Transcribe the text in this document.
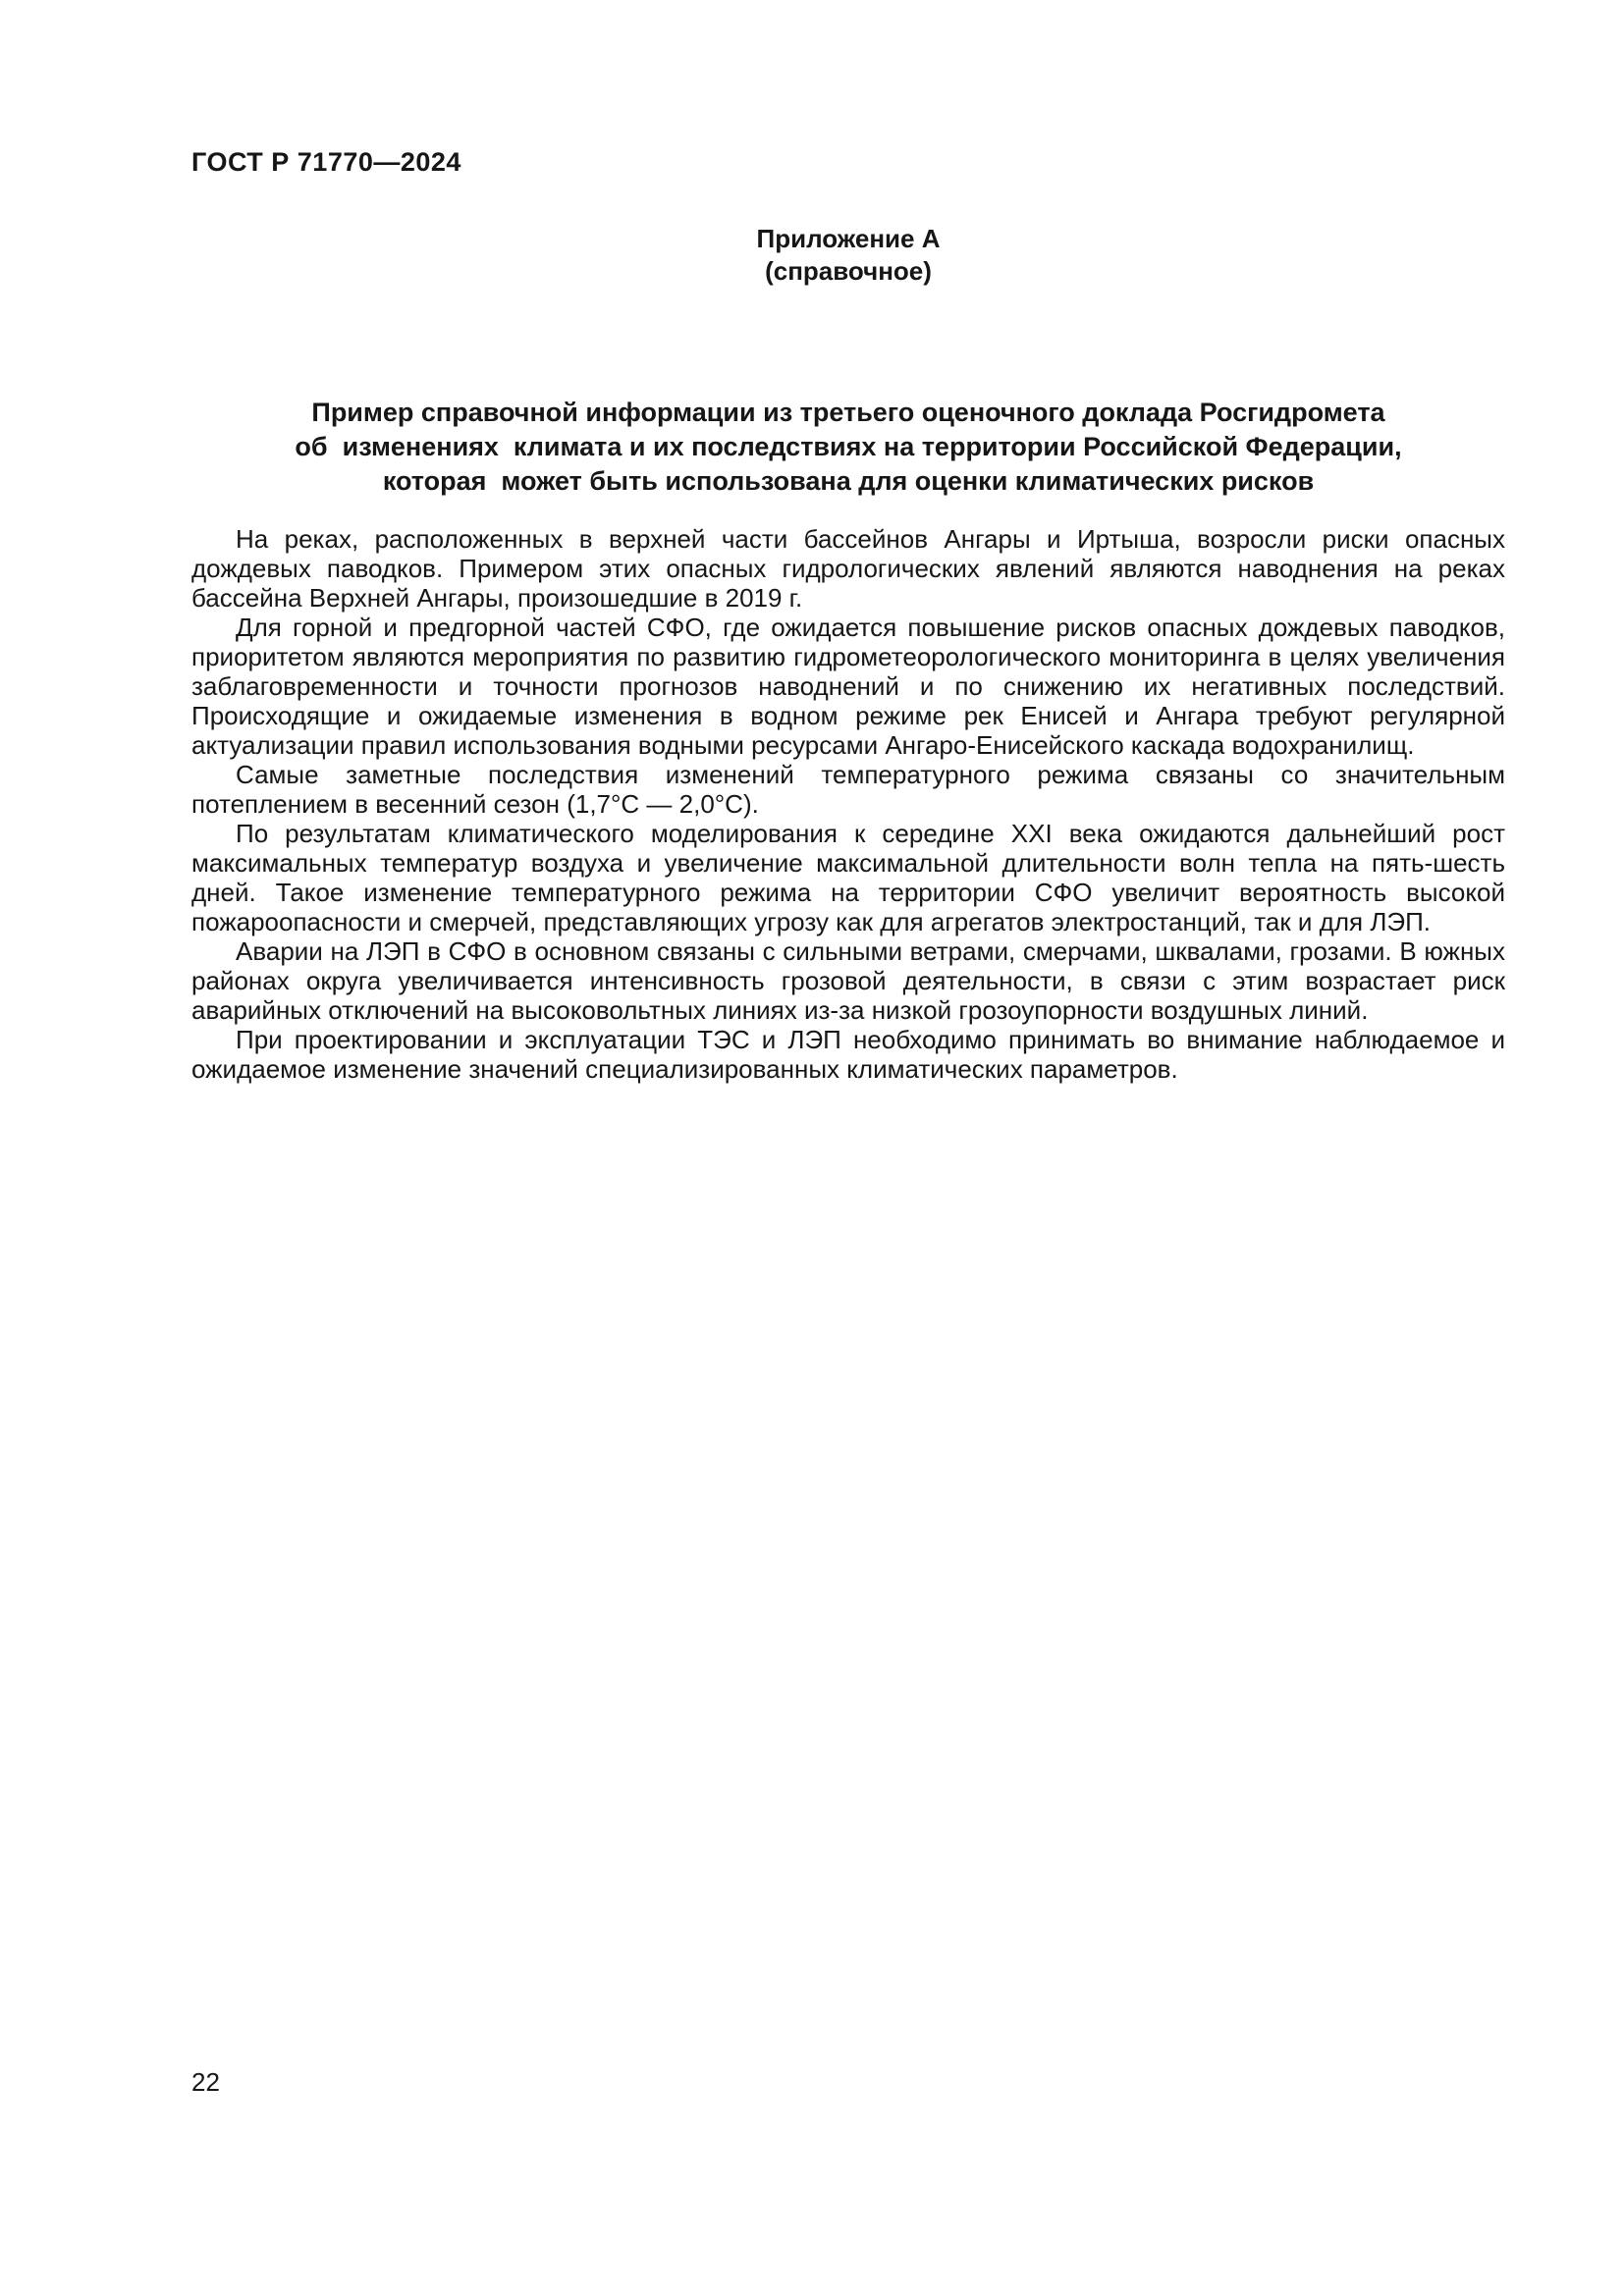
ГОСТ Р 71770—2024
Приложение А
(справочное)
Пример справочной информации из третьего оценочного доклада Росгидромета
об  изменениях  климата и их последствиях на территории Российской Федерации,
которая  может быть использована для оценки климатических рисков

На реках, расположенных в верхней части бассейнов Ангары и Иртыша, возросли риски опасных дождевых паводков. Примером этих опасных гидрологических явлений являются наводнения на реках бассейна Верхней Ангары, произошедшие в 2019 г.

Для горной и предгорной частей СФО, где ожидается повышение рисков опасных дождевых паводков, приоритетом являются мероприятия по развитию гидрометеорологического мониторинга в целях увеличения заблаговременности и точности прогнозов наводнений и по снижению их негативных последствий. Происходящие и ожидаемые изменения в водном режиме рек Енисей и Ангара требуют регулярной актуализации правил использования водными ресурсами Ангаро-Енисейского каскада водохранилищ.

Самые заметные последствия изменений температурного режима связаны со значительным потеплением в весенний сезон (1,7°С — 2,0°С).

По результатам климатического моделирования к середине XXI века ожидаются дальнейший рост максимальных температур воздуха и увеличение максимальной длительности волн тепла на пять-шесть дней. Такое изменение температурного режима на территории СФО увеличит вероятность высокой пожароопасности и смерчей, представляющих угрозу как для агрегатов электростанций, так и для ЛЭП.

Аварии на ЛЭП в СФО в основном связаны с сильными ветрами, смерчами, шквалами, грозами. В южных районах округа увеличивается интенсивность грозовой деятельности, в связи с этим возрастает риск аварийных отключений на высоковольтных линиях из-за низкой грозоупорности воздушных линий.

При проектировании и эксплуатации ТЭС и ЛЭП необходимо принимать во внимание наблюдаемое и ожидаемое изменение значений специализированных климатических параметров.

22
